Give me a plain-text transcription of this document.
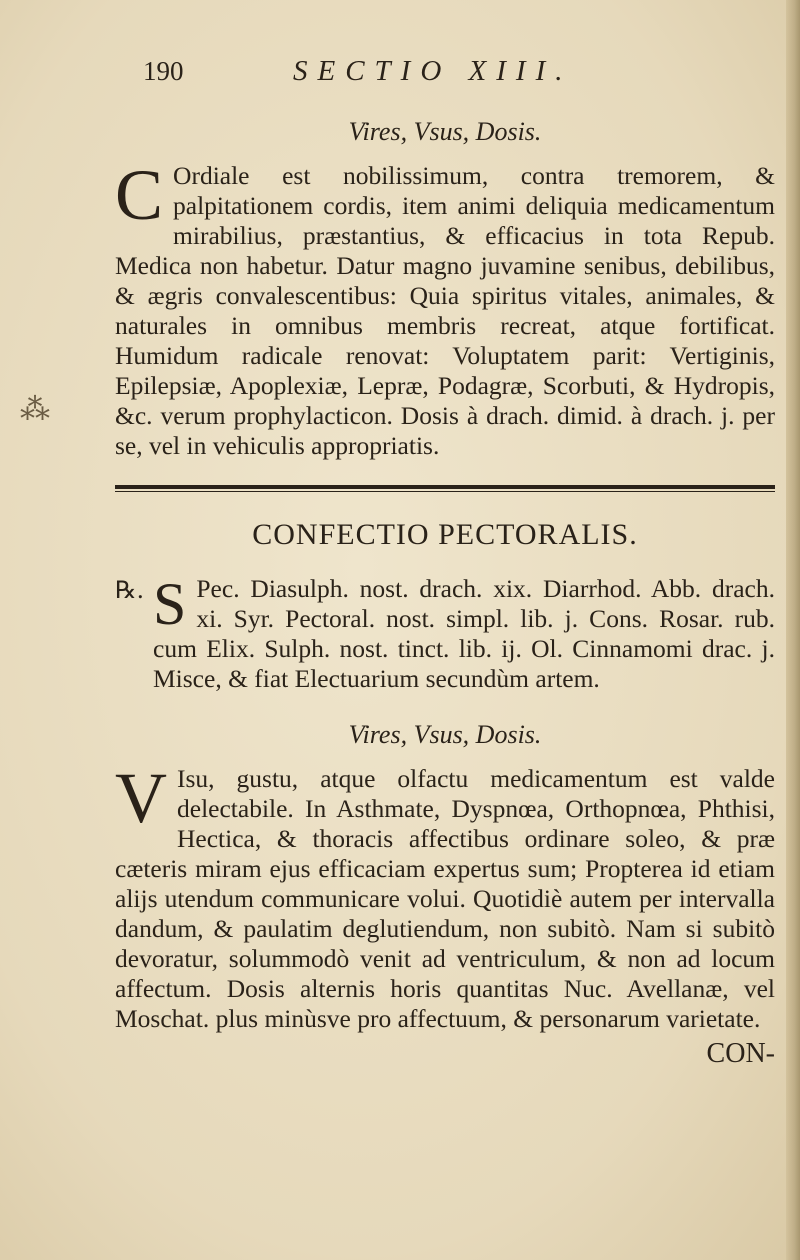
⁂
190	SECTIO XIII.
Vires, Vsus, Dosis.

C Ordiale est nobilissimum, contra tremorem, & palpitationem cordis, item animi deliquia medicamentum mirabilius, præstantius, & efficacius in tota Repub. Medica non habetur. Datur magno juvamine senibus, debilibus, & ægris convalescentibus: Quia spiritus vitales, animales, & naturales in omnibus membris recreat, atque fortificat. Humidum radicale renovat: Voluptatem parit: Vertiginis, Epilepsiæ, Apoplexiæ, Lepræ, Podagræ, Scorbuti, & Hydropis, &c. verum prophylacticon. Dosis à drach. dimid. à drach. j. per se, vel in vehiculis appropriatis.

CONFECTIO PECTORALIS.
℞. S Pec. Diasulph. nost. drach. xix. Diarrhod. Abb. drach. xi. Syr. Pectoral. nost. simpl. lib. j. Cons. Rosar. rub. cum Elix. Sulph. nost. tinct. lib. ij. Ol. Cinnamomi drac. j. Misce, & fiat Electuarium secundùm artem.

Vires, Vsus, Dosis.

V Isu, gustu, atque olfactu medicamentum est valde delectabile. In Asthmate, Dyspnœa, Orthopnœa, Phthisi, Hectica, & thoracis affectibus ordinare soleo, & præ cæteris miram ejus efficaciam expertus sum; Propterea id etiam alijs utendum communicare volui. Quotidiè autem per intervalla dandum, & paulatim deglutiendum, non subitò. Nam si subitò devoratur, solummodò venit ad ventriculum, & non ad locum affectum. Dosis alternis horis quantitas Nuc. Avellanæ, vel Moschat. plus minùsve pro affectuum, & personarum varietate.

CON-
